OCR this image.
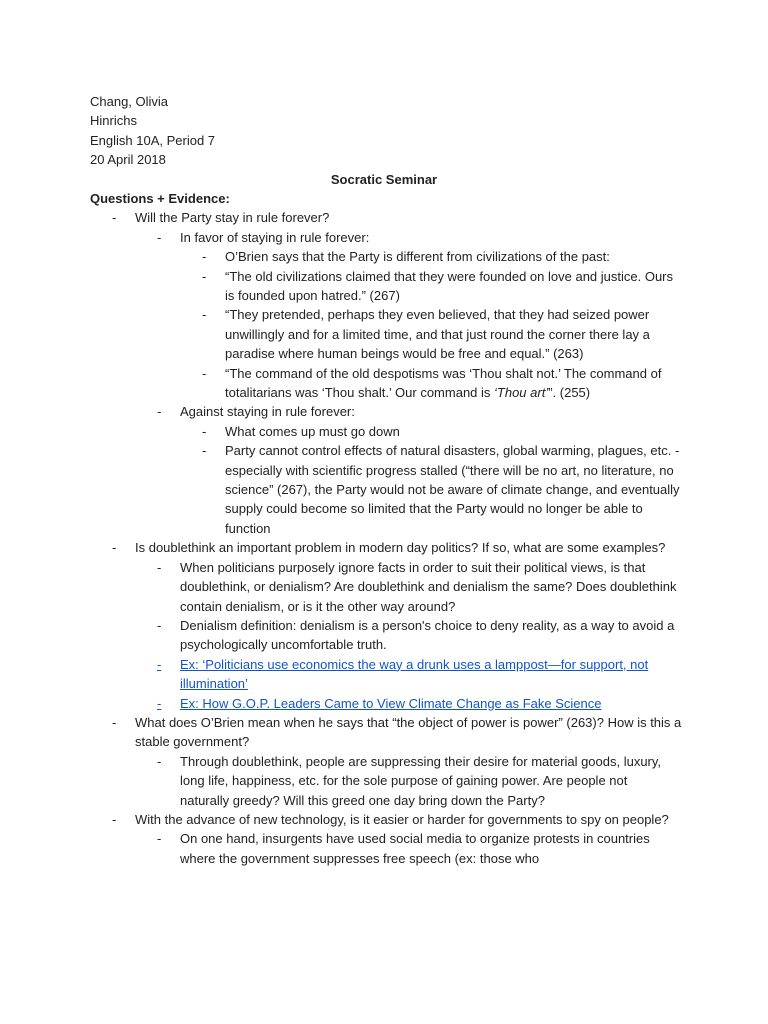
Chang, Olivia
Hinrichs
English 10A, Period 7
20 April 2018
Socratic Seminar
Questions + Evidence:
-	Will the Party stay in rule forever?
-	In favor of staying in rule forever:
-	O’Brien says that the Party is different from civilizations of the past:
-	“The old civilizations claimed that they were founded on love and justice. Ours is founded upon hatred.” (267)
-	“They pretended, perhaps they even believed, that they had seized power unwillingly and for a limited time, and that just round the corner there lay a paradise where human beings would be free and equal.” (263)
-	“The command of the old despotisms was ‘Thou shalt not.’ The command of totalitarians was ‘Thou shalt.’ Our command is ‘Thou art’”. (255)
-	Against staying in rule forever:
-	What comes up must go down
-	Party cannot control effects of natural disasters, global warming, plagues, etc. - especially with scientific progress stalled (“there will be no art, no literature, no science” (267), the Party would not be aware of climate change, and eventually supply could become so limited that the Party would no longer be able to function
-	Is doublethink an important problem in modern day politics? If so, what are some examples?
-	When politicians purposely ignore facts in order to suit their political views, is that doublethink, or denialism? Are doublethink and denialism the same? Does doublethink contain denialism, or is it the other way around?
-	Denialism definition: denialism is a person's choice to deny reality, as a way to avoid a psychologically uncomfortable truth.
-	Ex: ‘Politicians use economics the way a drunk uses a lamppost—for support, not illumination’
-	Ex: How G.O.P. Leaders Came to View Climate Change as Fake Science
-	What does O’Brien mean when he says that “the object of power is power” (263)? How is this a stable government?
-	Through doublethink, people are suppressing their desire for material goods, luxury, long life, happiness, etc. for the sole purpose of gaining power. Are people not naturally greedy? Will this greed one day bring down the Party?
-	With the advance of new technology, is it easier or harder for governments to spy on people?
-	On one hand, insurgents have used social media to organize protests in countries where the government suppresses free speech (ex: those who
